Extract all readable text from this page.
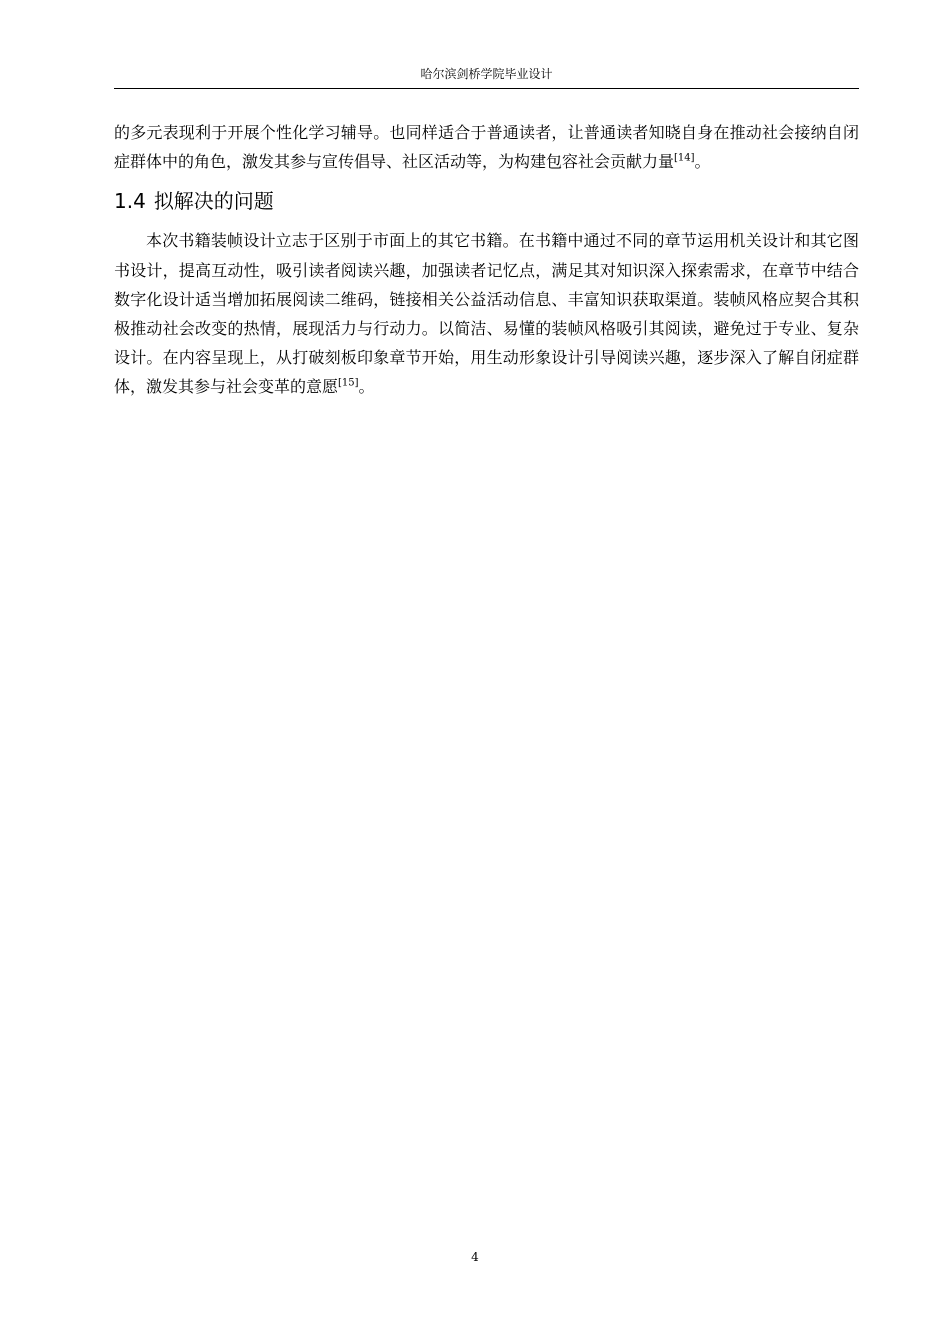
哈尔滨剑桥学院毕业设计

的多元表现利于开展个性化学习辅导。也同样适合于普通读者，让普通读者知晓自身在推动社会接纳自闭症群体中的角色，激发其参与宣传倡导、社区活动等，为构建包容社会贡献力量[14]。

1.4 拟解决的问题

本次书籍装帧设计立志于区别于市面上的其它书籍。在书籍中通过不同的章节运用机关设计和其它图书设计，提高互动性，吸引读者阅读兴趣，加强读者记忆点，满足其对知识深入探索需求，在章节中结合数字化设计适当增加拓展阅读二维码，链接相关公益活动信息、丰富知识获取渠道。装帧风格应契合其积极推动社会改变的热情，展现活力与行动力。以简洁、易懂的装帧风格吸引其阅读，避免过于专业、复杂设计。在内容呈现上，从打破刻板印象章节开始，用生动形象设计引导阅读兴趣，逐步深入了解自闭症群体，激发其参与社会变革的意愿[15]。

4
